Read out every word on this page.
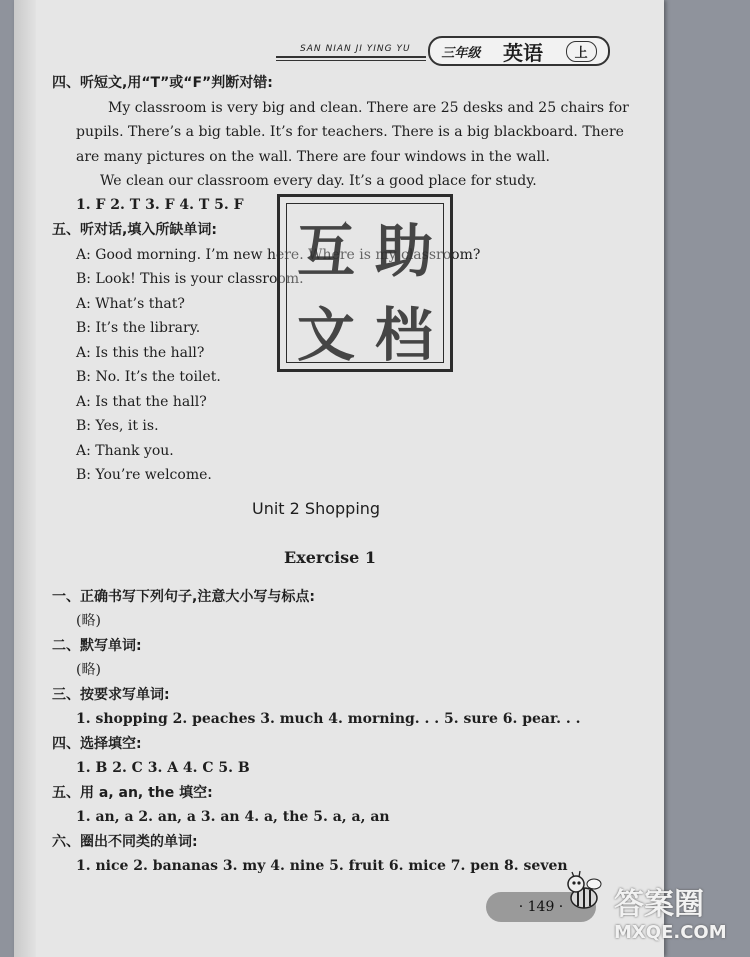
SAN NIAN JI YING YU 三年级 英语	上
四、听短文,用“T”或“F”判断对错:
My classroom is very big and clean. There are 25 desks and 25 chairs for
pupils. There’s a big table. It’s for teachers. There is a big blackboard. There
are many pictures on the wall. There are four windows in the wall.
We clean our classroom every day. It’s a good place for study.
1. F 2. T 3. F 4. T 5. F
五、听对话,填入所缺单词:
A: Good morning. I’m new here. Where is my classroom?
B: Look! This is your classroom.
A: What’s that?
B: It’s the library.
A: Is this the hall?
B: No. It’s the toilet.
A: Is that the hall?
B: Yes, it is.
A: Thank you.
B: You’re welcome.
互 助
文 档
Unit 2 Shopping
Exercise 1
一、正确书写下列句子,注意大小写与标点:
(略)
二、默写单词:
(略)
三、按要求写单词:
1. shopping 2. peaches 3. much 4. morning. . . 5. sure 6. pear. . .
四、选择填空:
1. B 2. C 3. A 4. C 5. B
五、用 a, an, the 填空:
1. an, a 2. an, a 3. an 4. a, the 5. a, a, an
六、圈出不同类的单词:
1. nice 2. bananas 3. my 4. nine 5. fruit 6. mice 7. pen 8. seven
· 149 ·	答案圈
MXQE.COM
